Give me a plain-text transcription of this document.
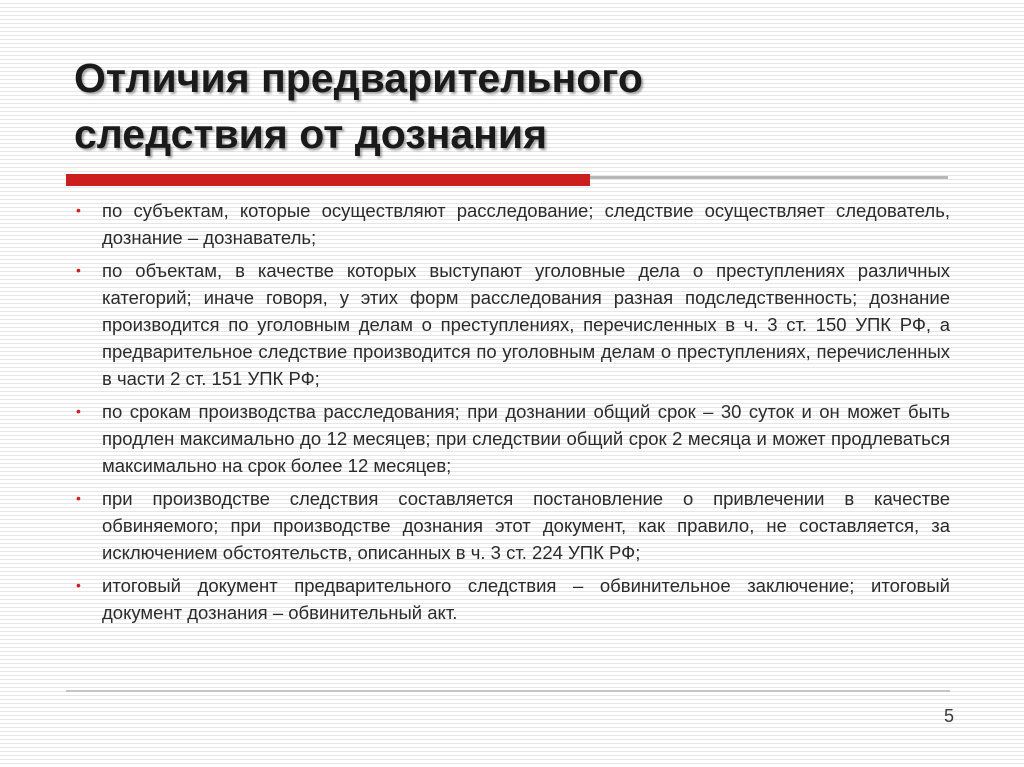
Отличия предварительного
следствия от дознания
• по субъектам, которые осуществляют расследование; следствие осуществляет следователь, дознание – дознаватель;
• по объектам, в качестве которых выступают уголовные дела о преступлениях различных категорий; иначе говоря, у этих форм расследования разная подследственность; дознание производится по уголовным делам о преступлениях, перечисленных в ч. 3 ст. 150 УПК РФ, а предварительное следствие производится по уголовным делам о преступлениях, перечисленных в части 2 ст. 151 УПК РФ;
• по срокам производства расследования; при дознании общий срок – 30 суток и он может быть продлен максимально до 12 месяцев; при следствии общий срок 2 месяца и может продлеваться максимально на срок более 12 месяцев;
• при производстве следствия составляется постановление о привлечении в качестве обвиняемого; при производстве дознания этот документ, как правило, не составляется, за исключением обстоятельств, описанных в ч. 3 ст. 224 УПК РФ;
• итоговый документ предварительного следствия – обвинительное заключение; итоговый документ дознания – обвинительный акт.
5
